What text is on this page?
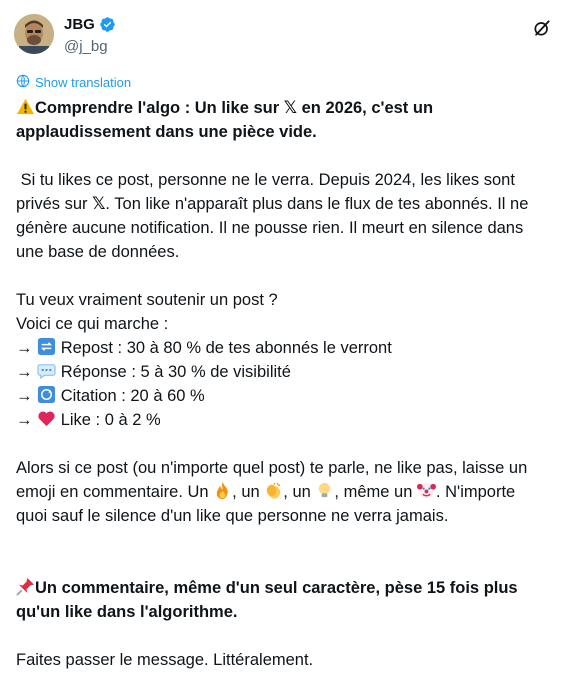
JBG
@j_bg
Show translation
Comprendre l'algo : Un like sur 𝕏 en 2026, c'est un
applaudissement dans une pièce vide.
Si tu likes ce post, personne ne le verra. Depuis 2024, les likes sont
privés sur 𝕏. Ton like n'apparaît plus dans le flux de tes abonnés. Il ne
génère aucune notification. Il ne pousse rien. Il meurt en silence dans
une base de données.
Tu veux vraiment soutenir un post ?
Voici ce qui marche :
→ Repost : 30 à 80 % de tes abonnés le verront
→ Réponse : 5 à 30 % de visibilité
→ Citation : 20 à 60 %
→ Like : 0 à 2 %
Alors si ce post (ou n'importe quel post) te parle, ne like pas, laisse un
emoji en commentaire. Un , un , un , même un . N'importe
quoi sauf le silence d'un like que personne ne verra jamais.
Un commentaire, même d'un seul caractère, pèse 15 fois plus
qu'un like dans l'algorithme.
Faites passer le message. Littéralement.
